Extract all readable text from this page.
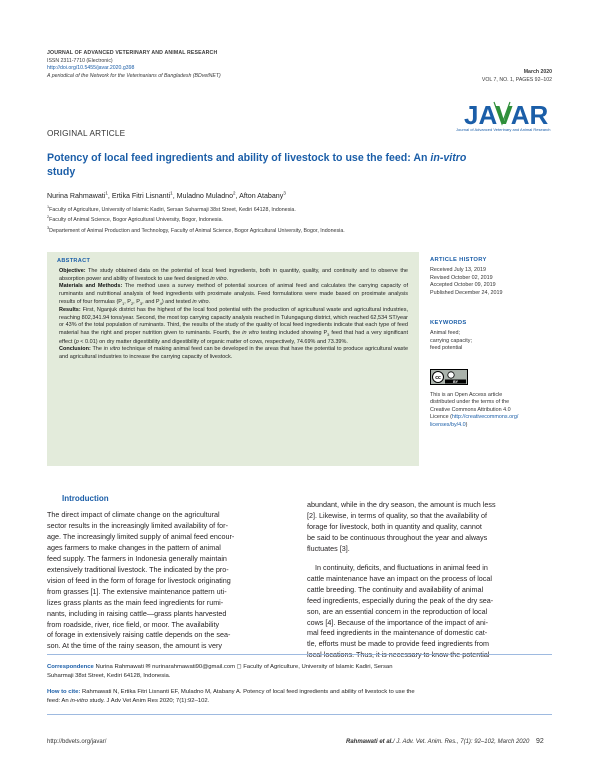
JOURNAL OF ADVANCED VETERINARY AND ANIMAL RESEARCH
ISSN 2311-7710 (Electronic)
http://doi.org/10.5455/javar.2020.g398
A periodical of the Network for the Veterinarians of Bangladesh (BDvetNET)
March 2020
VOL 7, NO. 1, PAGES 92–102
JAVAR
Journal of Advanced Veterinary and Animal Research
ORIGINAL ARTICLE
Potency of local feed ingredients and ability of livestock to use the feed: An in-vitro
study
Nurina Rahmawati$^1$, Ertika Fitri Lisnanti$^1$, Muladno Muladno$^2$, Afton Atabany$^3$
$^1$Faculty of Agriculture, University of Islamic Kadiri, Sersan Suharmaji 38st Street, Kediri 64128, Indonesia.
$^2$Faculty of Animal Science, Bogor Agricultural University, Bogor, Indonesia.
$^3$Departement of Animal Production and Technology, Faculty of Animal Science, Bogor Agricultural University, Bogor, Indonesia.
ABSTRACT

Objective: The study obtained data on the potential of local feed ingredients, both in quantity, quality, and continuity and to observe the absorption power and ability of livestock to use feed designed in vitro.

Materials and Methods: The method uses a survey method of potential sources of animal feed and calculates the carrying capacity of ruminants and nutritional analysis of feed ingredients with proximate analysis. Feed formulations were made based on proximate analysis results of four formulas ($P_1$, $P_2$, $P_3$, and $P_4$) and tested in vitro.

Results: First, Nganjuk district has the highest of the local food potential with the production of agricultural waste and agricultural industries, reaching 802,341.94 tons/year. Second, the most top carrying capacity analysis reached in Tulungagung district, which reached 62,534 ST/year or 43% of the total population of ruminants. Third, the results of the study of the quality of local feed ingredients indicate that each type of feed material has the right and proper nutrition given to ruminants. Fourth, the in vitro testing included showing $P_3$ feed that had a very significant effect (p < 0.01) on dry matter digestibility and digestibility of organic matter of cows, respectively, 74.69% and 73.39%.

Conclusion: The in vitro technique of making animal feed can be developed in the areas that have the potential to produce agricultural waste and agricultural industries to increase the carrying capacity of livestock.

ARTICLE HISTORY
Received July 13, 2019
Revised October 02, 2019
Accepted October 09, 2019
Published December 24, 2019
KEYWORDS
Animal feed;
carrying capacity;
feed potential
cc
BY
This is an Open Access article
distributed under the terms of the
Creative Commons Attribution 4.0
Licence (http://creativecommons.org/
licenses/by/4.0)
Introduction
The direct impact of climate change on the agricultural
sector results in the increasingly limited availability of for-
age. The increasingly limited supply of animal feed encour-
ages farmers to make changes in the pattern of animal
feed supply. The farmers in Indonesia generally maintain
extensively traditional livestock. The indicated by the pro-
vision of feed in the form of forage for livestock originating
from grasses [1]. The extensive maintenance pattern uti-
lizes grass plants as the main feed ingredients for rumi-
nants, including in raising cattle—grass plants harvested
from roadside, river, rice field, or moor. The availability
of forage in extensively raising cattle depends on the sea-
son. At the time of the rainy season, the amount is very
abundant, while in the dry season, the amount is much less
[2]. Likewise, in terms of quality, so that the availability of
forage for livestock, both in quantity and quality, cannot
be said to be continuous throughout the year and always
fluctuates [3].
In continuity, deficits, and fluctuations in animal feed in
cattle maintenance have an impact on the process of local
cattle breeding. The continuity and availability of animal
feed ingredients, especially during the peak of the dry sea-
son, are an essential concern in the reproduction of local
cows [4]. Because of the importance of the impact of ani-
mal feed ingredients in the maintenance of domestic cat-
tle, efforts must be made to provide feed ingredients from
local locations. Thus, it is necessary to know the potential
Correspondence Nurina Rahmawati ✉ nurinarahmawati90@gmail.com ◻ Faculty of Agriculture, University of Islamic Kadiri, Sersan
Suharmaji 38st Street, Kediri 64128, Indonesia.
How to cite: Rahmawati N, Ertika Fitri Lisnanti EF, Muladno M, Atabany A. Potency of local feed ingredients and ability of livestock to use the
feed: An in-vitro study. J Adv Vet Anim Res 2020; 7(1):92–102.
http://bdvets.org/javar/	Rahmawati et al./ J. Adv. Vet. Anim. Res., 7(1): 92–102, March 2020 92
